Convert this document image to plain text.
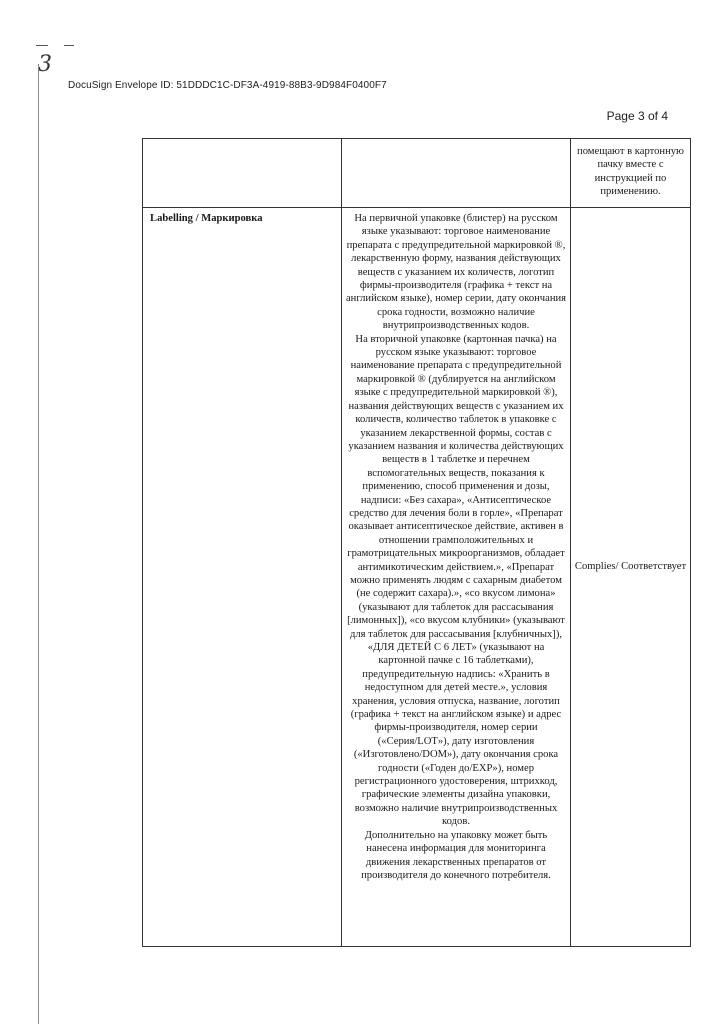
3
DocuSign Envelope ID: 51DDDC1C-DF3A-4919-88B3-9D984F0400F7
Page 3 of 4
		помещают в картонную пачку вместе с инструкцией по применению.

Labelling / Маркировка	На первичной упаковке (блистер) на русском языке указывают: торговое наименование препарата с предупредительной маркировкой ®, лекарственную форму, названия действующих веществ с указанием их количеств, логотип фирмы-производителя (графика + текст на английском языке), номер серии, дату окончания срока годности, возможно наличие внутрипроизводственных кодов.
На вторичной упаковке (картонная пачка) на русском языке указывают: торговое наименование препарата с предупредительной маркировкой ® (дублируется на английском языке с предупредительной маркировкой ®), названия действующих веществ с указанием их количеств, количество таблеток в упаковке с указанием лекарственной формы, состав с указанием названия и количества действующих веществ в 1 таблетке и перечнем вспомогательных веществ, показания к применению, способ применения и дозы, надписи: «Без сахара», «Антисептическое средство для лечения боли в горле», «Препарат оказывает антисептическое действие, активен в отношении грамположительных и грамотрицательных микроорганизмов, обладает антимикотическим действием.», «Препарат можно применять людям с сахарным диабетом (не содержит сахара).», «со вкусом лимона» (указывают для таблеток для рассасывания [лимонных]), «со вкусом клубники» (указывают для таблеток для рассасывания [клубничных]), «ДЛЯ ДЕТЕЙ С 6 ЛЕТ» (указывают на картонной пачке с 16 таблетками), предупредительную надпись: «Хранить в недоступном для детей месте.», условия хранения, условия отпуска, название, логотип (графика + текст на английском языке) и адрес фирмы-производителя, номер серии («Серия/LOT»), дату изготовления («Изготовлено/DOM»), дату окончания срока годности («Годен до/EXP»), номер регистрационного удостоверения, штрихкод, графические элементы дизайна упаковки, возможно наличие внутрипроизводственных кодов.
Дополнительно на упаковку может быть нанесена информация для мониторинга движения лекарственных препаратов от производителя до конечного потребителя.	Complies/ Соответствует
